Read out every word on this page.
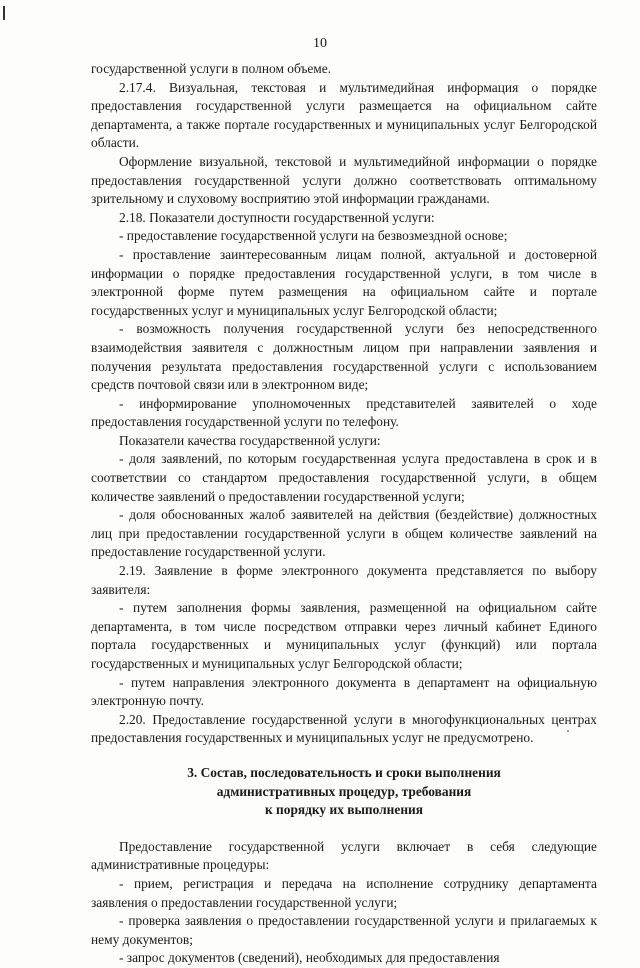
10

государственной услуги в полном объеме.

2.17.4. Визуальная, текстовая и мультимедийная информация о порядке предоставления государственной услуги размещается на официальном сайте департамента, а также портале государственных и муниципальных услуг Белгородской области.

Оформление визуальной, текстовой и мультимедийной информации о порядке предоставления государственной услуги должно соответствовать оптимальному зрительному и слуховому восприятию этой информации гражданами.

2.18. Показатели доступности государственной услуги:

- предоставление государственной услуги на безвозмездной основе;

- проставление заинтересованным лицам полной, актуальной и достоверной информации о порядке предоставления государственной услуги, в том числе в электронной форме путем размещения на официальном сайте и портале государственных услуг и муниципальных услуг Белгородской области;

- возможность получения государственной услуги без непосредственного взаимодействия заявителя с должностным лицом при направлении заявления и получения результата предоставления государственной услуги с использованием средств почтовой связи или в электронном виде;

- информирование уполномоченных представителей заявителей о ходе предоставления государственной услуги по телефону.

Показатели качества государственной услуги:

- доля заявлений, по которым государственная услуга предоставлена в срок и в соответствии со стандартом предоставления государственной услуги, в общем количестве заявлений о предоставлении государственной услуги;

- доля обоснованных жалоб заявителей на действия (бездействие) должностных лиц при предоставлении государственной услуги в общем количестве заявлений на предоставление государственной услуги.

2.19. Заявление в форме электронного документа представляется по выбору заявителя:

- путем заполнения формы заявления, размещенной на официальном сайте департамента, в том числе посредством отправки через личный кабинет Единого портала государственных и муниципальных услуг (функций) или портала государственных и муниципальных услуг Белгородской области;

- путем направления электронного документа в департамент на официальную электронную почту.

2.20. Предоставление государственной услуги в многофункциональных центрах предоставления государственных и муниципальных услуг не предусмотрено.

3. Состав, последовательность и сроки выполнения
административных процедур, требования
к порядку их выполнения

Предоставление государственной услуги включает в себя следующие административные процедуры:

- прием, регистрация и передача на исполнение сотруднику департамента заявления о предоставлении государственной услуги;

- проверка заявления о предоставлении государственной услуги и прилагаемых к нему документов;

- запрос документов (сведений), необходимых для предоставления
